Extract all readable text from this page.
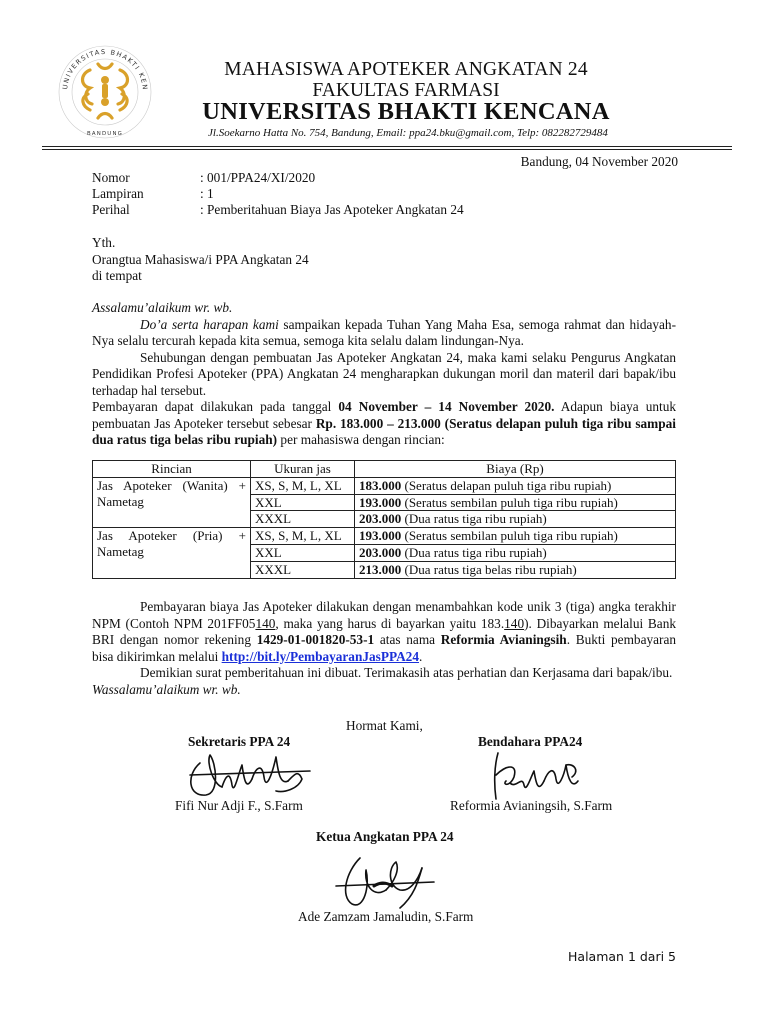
UNIVERSITAS BHAKTI KEN
BANDUNG
MAHASISWA APOTEKER ANGKATAN 24
FAKULTAS FARMASI
UNIVERSITAS BHAKTI KENCANA
Jl.Soekarno Hatta No. 754, Bandung, Email: ppa24.bku@gmail.com, Telp: 082282729484
Bandung, 04 November 2020
Nomor	: 001/PPA24/XI/2020
Lampiran	: 1
Perihal	: Pemberitahuan Biaya Jas Apoteker Angkatan 24
Yth.
Orangtua Mahasiswa/i PPA Angkatan 24
di tempat
Assalamu’alaikum wr. wb.
Do’a serta harapan kami sampaikan kepada Tuhan Yang Maha Esa, semoga rahmat dan hidayah-Nya selalu tercurah kepada kita semua, semoga kita selalu dalam lindungan-Nya.
Sehubungan dengan pembuatan Jas Apoteker Angkatan 24, maka kami selaku Pengurus Angkatan Pendidikan Profesi Apoteker (PPA) Angkatan 24 mengharapkan dukungan moril dan materil dari bapak/ibu terhadap hal tersebut.
Pembayaran dapat dilakukan pada tanggal 04 November – 14 November 2020. Adapun biaya untuk pembuatan Jas Apoteker tersebut sebesar Rp. 183.000 – 213.000 (Seratus delapan puluh tiga ribu sampai dua ratus tiga belas ribu rupiah) per mahasiswa dengan rincian:
Rincian	Ukuran jas	Biaya (Rp)
Jas Apoteker (Wanita) + Nametag	XS, S, M, L, XL	183.000 (Seratus delapan puluh tiga ribu rupiah)
	XXL	193.000 (Seratus sembilan puluh tiga ribu rupiah)
	XXXL	203.000 (Dua ratus tiga ribu rupiah)
Jas Apoteker (Pria) + Nametag	XS, S, M, L, XL	193.000 (Seratus sembilan puluh tiga ribu rupiah)
	XXL	203.000 (Dua ratus tiga ribu rupiah)
	XXXL	213.000 (Dua ratus tiga belas ribu rupiah)
Pembayaran biaya Jas Apoteker dilakukan dengan menambahkan kode unik 3 (tiga) angka terakhir NPM (Contoh NPM 201FF05140, maka yang harus di bayarkan yaitu 183.140). Dibayarkan melalui Bank BRI dengan nomor rekening 1429-01-001820-53-1 atas nama Reformia Avianingsih. Bukti pembayaran bisa dikirimkan melalui http://bit.ly/PembayaranJasPPA24.
Demikian surat pemberitahuan ini dibuat. Terimakasih atas perhatian dan Kerjasama dari bapak/ibu.
Wassalamu’alaikum wr. wb.
Hormat Kami,
Sekretaris PPA 24	Bendahara PPA24
Fifi Nur Adji F., S.Farm	Reformia Avianingsih, S.Farm
Ketua Angkatan PPA 24
Ade Zamzam Jamaludin, S.Farm
Halaman 1 dari 5
